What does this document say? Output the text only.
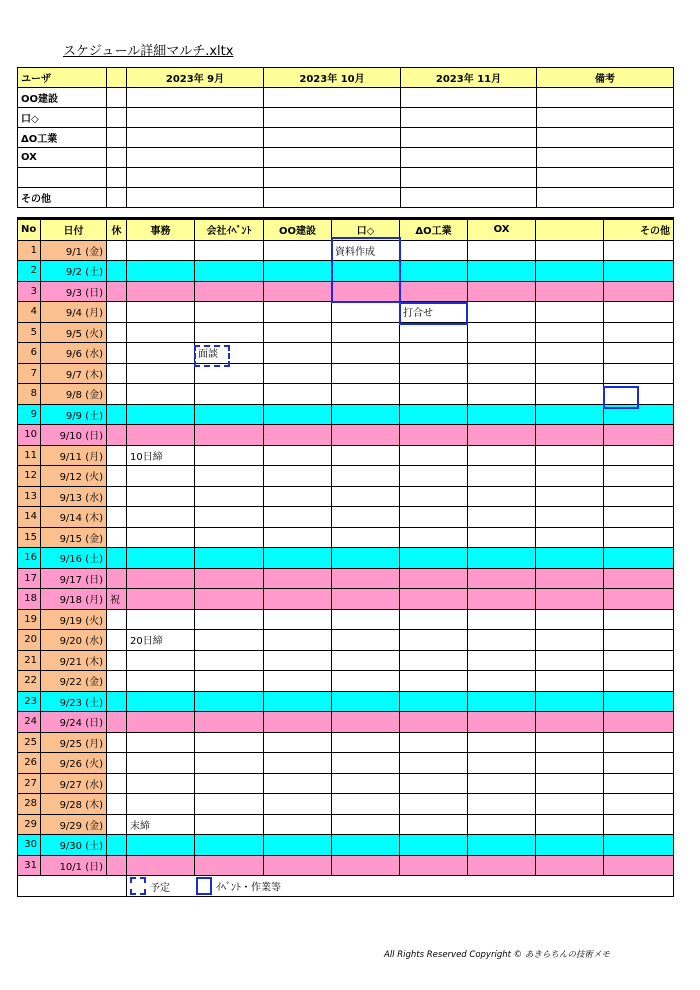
スケジュール詳細マルチ.xltx
ユーザ		2023年 9月	2023年 10月	2023年 11月	備考
OO建設					
口◇					
ΔO工業					
OX					

その他					
No	日付	休	事務	会社ｲﾍﾞﾝﾄ	OO建設	口◇	ΔO工業	OX		その他
1	9/1 (金)					資料作成				
2	9/2 (土)									
3	9/3 (日)									
4	9/4 (月)						打合せ			
5	9/5 (火)									
6	9/6 (水)			面談						
7	9/7 (木)									
8	9/8 (金)									
9	9/9 (土)									
10	9/10 (日)									
11	9/11 (月)		10日締							
12	9/12 (火)									
13	9/13 (水)									
14	9/14 (木)									
15	9/15 (金)									
16	9/16 (土)									
17	9/17 (日)									
18	9/18 (月)	祝								
19	9/19 (火)									
20	9/20 (水)		20日締							
21	9/21 (木)									
22	9/22 (金)									
23	9/23 (土)									
24	9/24 (日)									
25	9/25 (月)									
26	9/26 (火)									
27	9/27 (水)									
28	9/28 (木)									
29	9/29 (金)		末締							
30	9/30 (土)									
31	10/1 (日)									
			予定 ｲﾍﾞﾝﾄ・作業等							
All Rights Reserved Copyright © あきらちんの技術メモ
